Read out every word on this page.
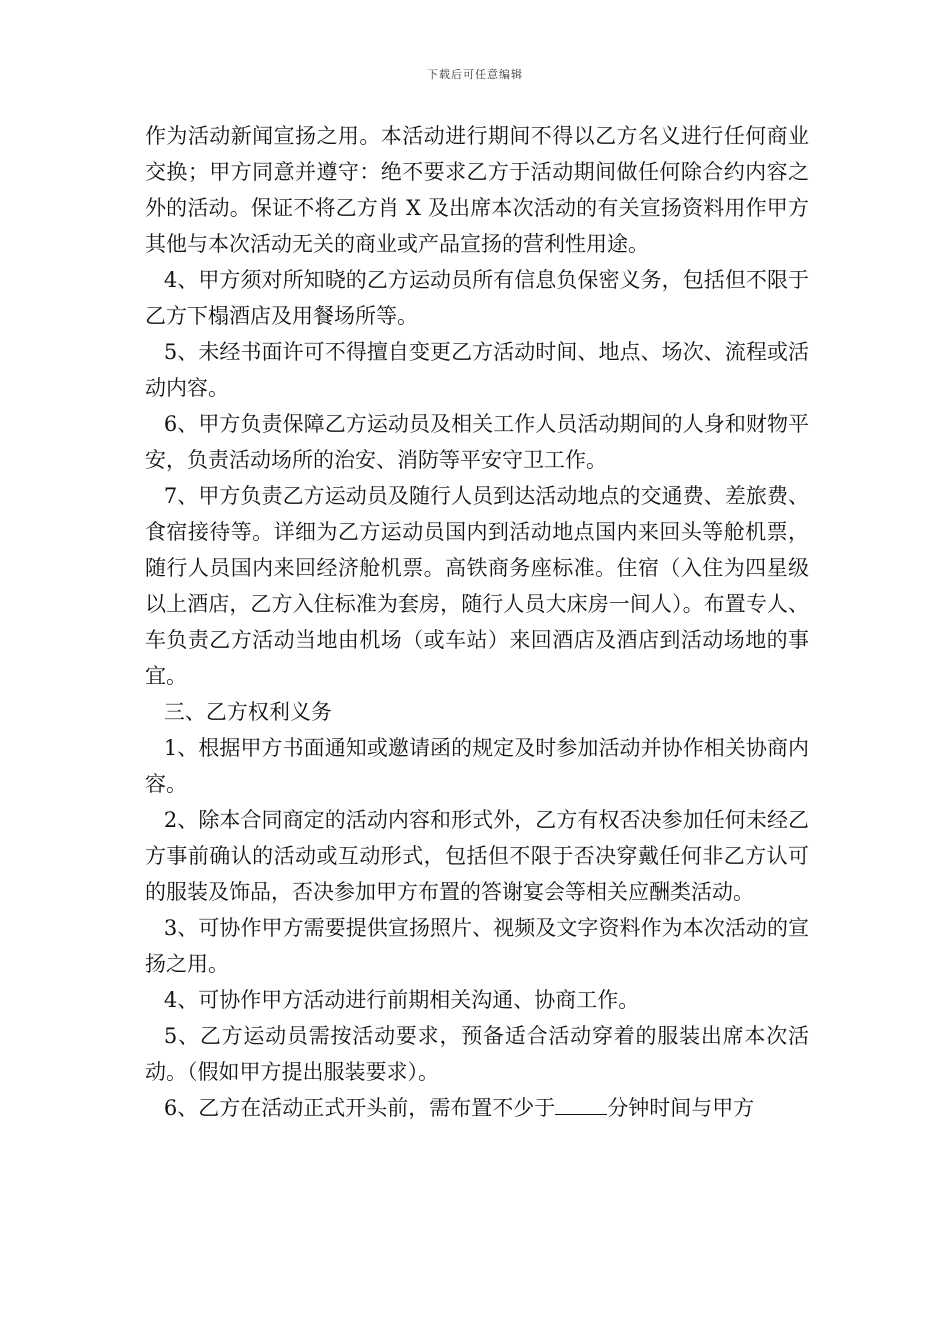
下载后可任意编辑

作为活动新闻宣扬之用。本活动进行期间不得以乙方名义进行任何商业交换；甲方同意并遵守：绝不要求乙方于活动期间做任何除合约内容之外的活动。保证不将乙方肖 X 及出席本次活动的有关宣扬资料用作甲方其他与本次活动无关的商业或产品宣扬的营利性用途。

4、甲方须对所知晓的乙方运动员所有信息负保密义务，包括但不限于乙方下榻酒店及用餐场所等。

5、未经书面许可不得擅自变更乙方活动时间、地点、场次、流程或活动内容。

6、甲方负责保障乙方运动员及相关工作人员活动期间的人身和财物平安，负责活动场所的治安、消防等平安守卫工作。

7、甲方负责乙方运动员及随行人员到达活动地点的交通费、差旅费、食宿接待等。详细为乙方运动员国内到活动地点国内来回头等舱机票，随行人员国内来回经济舱机票。高铁商务座标准。住宿（入住为四星级以上酒店，乙方入住标准为套房，随行人员大床房一间人）。布置专人、车负责乙方活动当地由机场（或车站）来回酒店及酒店到活动场地的事宜。

三、乙方权利义务

1、根据甲方书面通知或邀请函的规定及时参加活动并协作相关协商内容。

2、除本合同商定的活动内容和形式外，乙方有权否决参加任何未经乙方事前确认的活动或互动形式，包括但不限于否决穿戴任何非乙方认可的服装及饰品，否决参加甲方布置的答谢宴会等相关应酬类活动。

3、可协作甲方需要提供宣扬照片、视频及文字资料作为本次活动的宣扬之用。

4、可协作甲方活动进行前期相关沟通、协商工作。

5、乙方运动员需按活动要求，预备适合活动穿着的服装出席本次活动。（假如甲方提出服装要求）。

6、乙方在活动正式开头前，需布置不少于 分钟时间与甲方
